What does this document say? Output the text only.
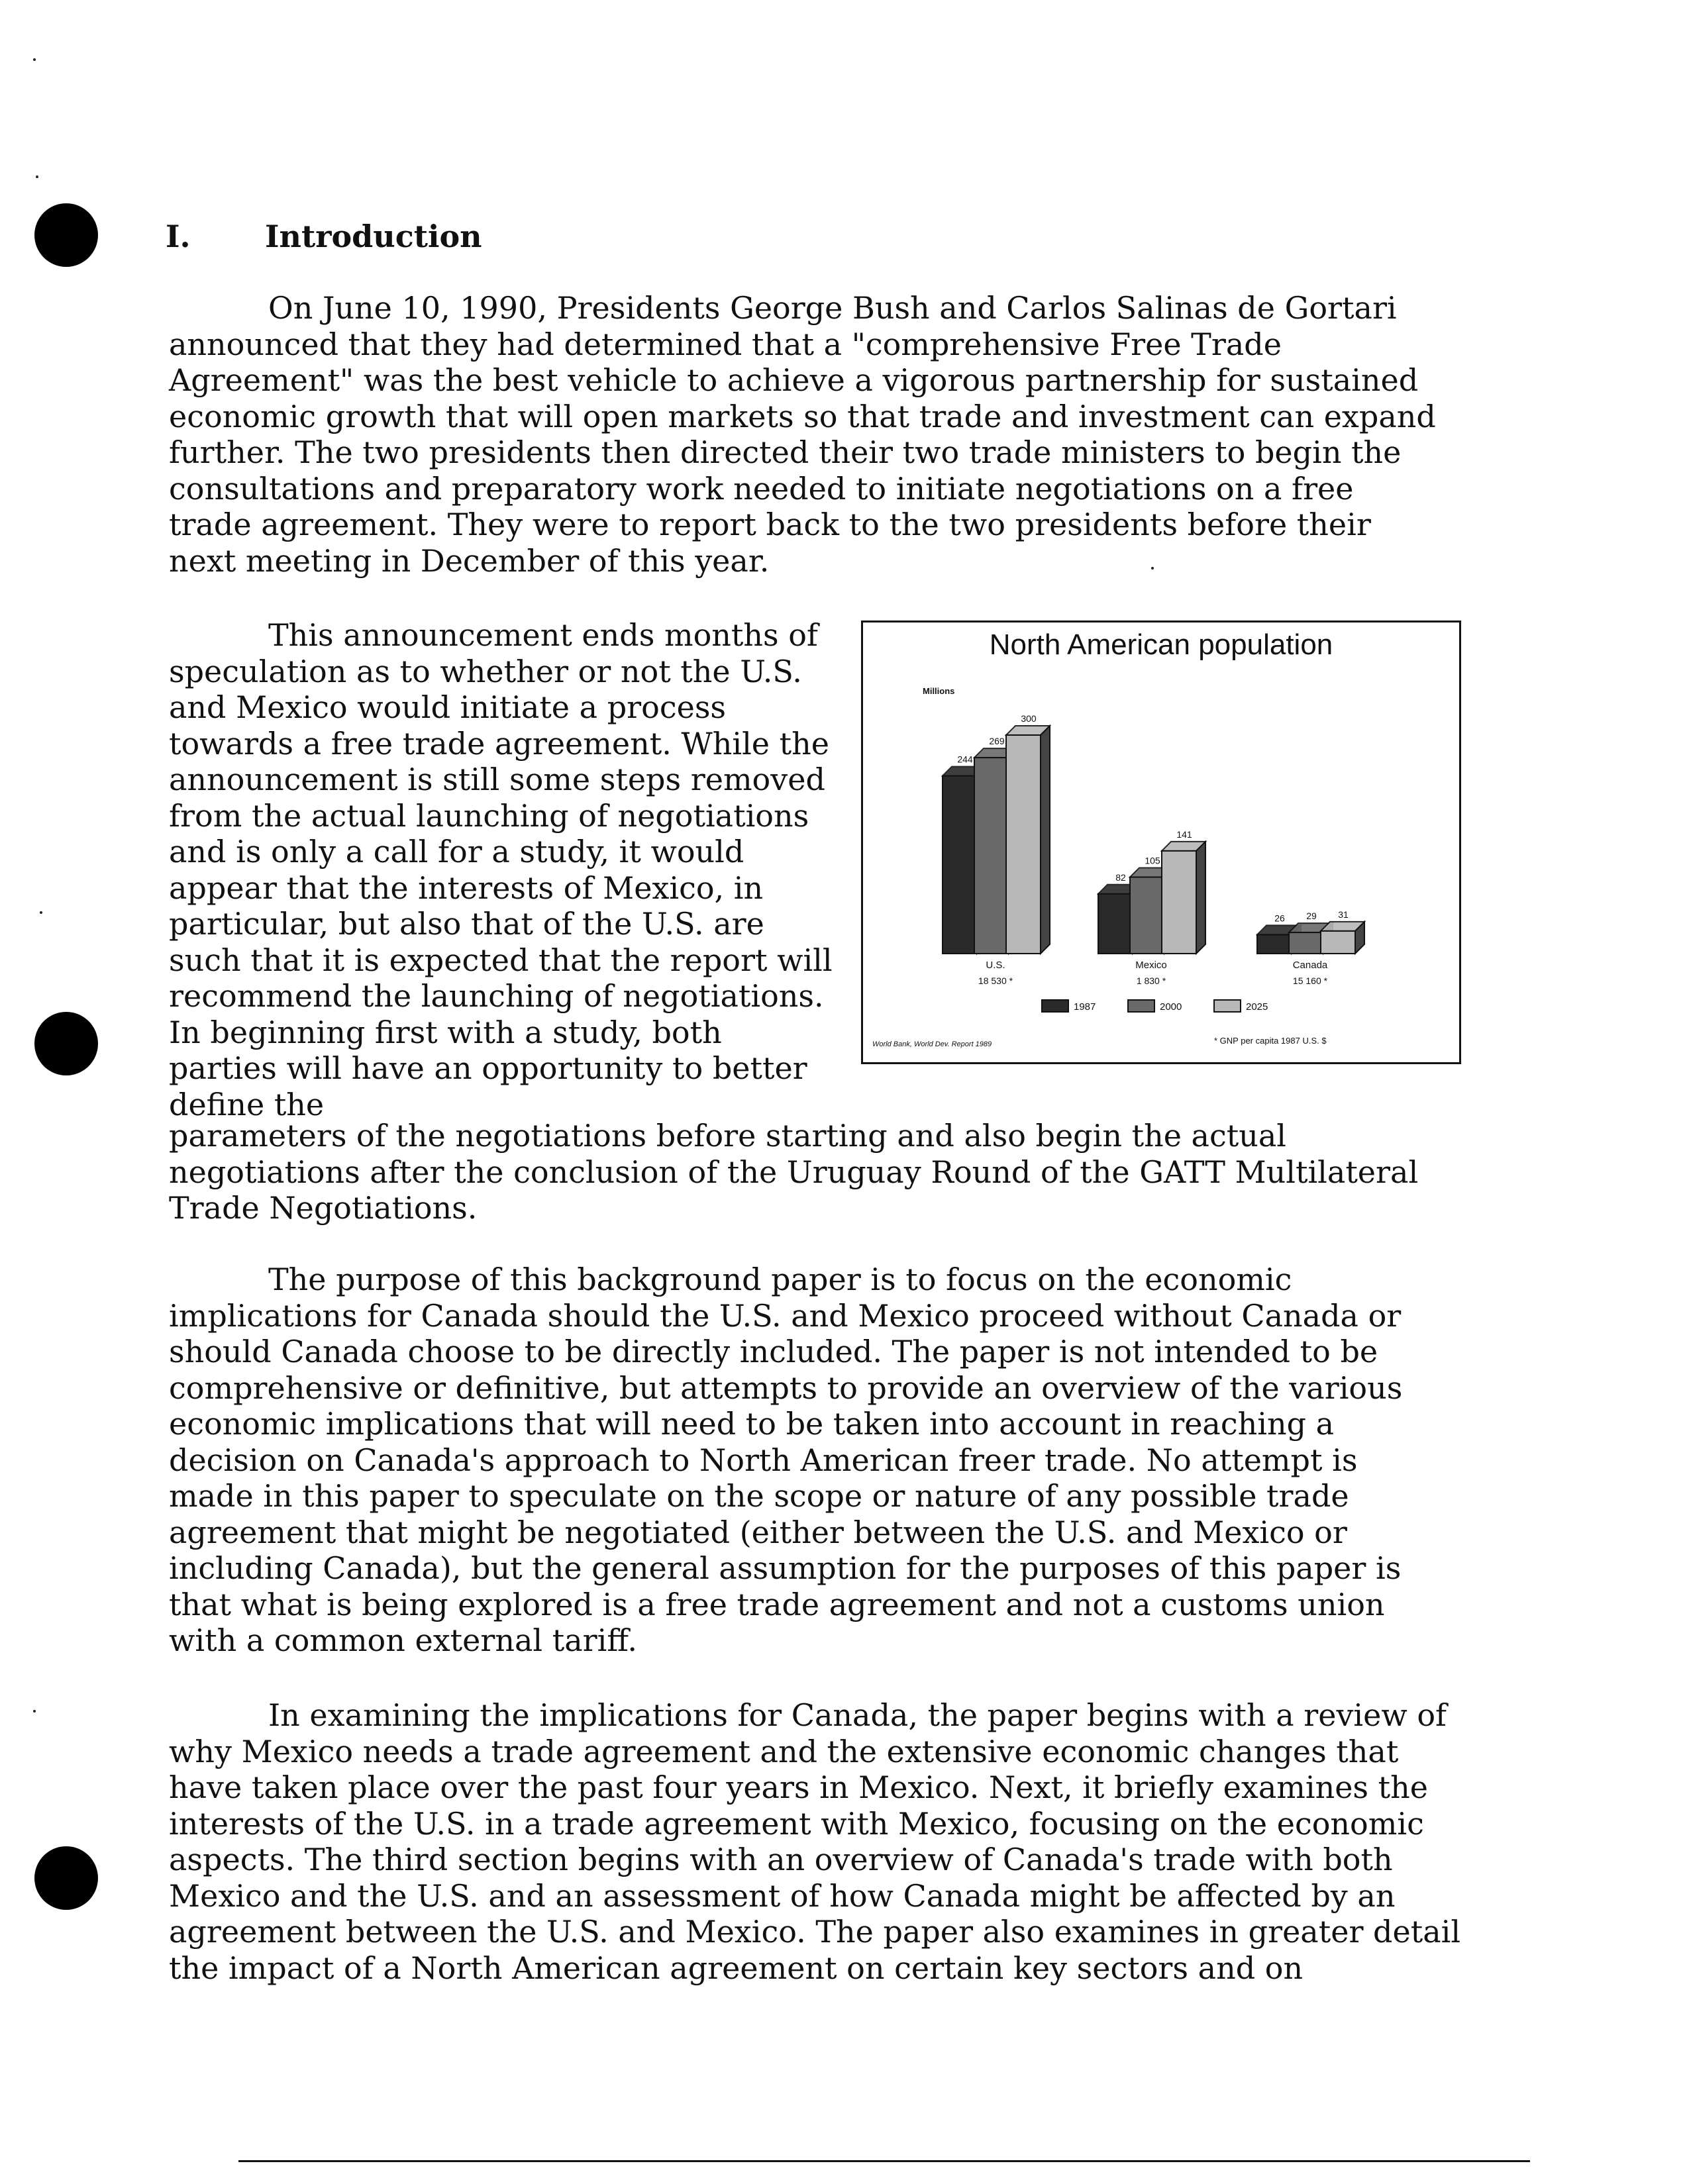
I. Introduction

On June 10, 1990, Presidents George Bush and Carlos Salinas de Gortari announced that they had determined that a "comprehensive Free Trade Agreement" was the best vehicle to achieve a vigorous partnership for sustained economic growth that will open markets so that trade and investment can expand further. The two presidents then directed their two trade ministers to begin the consultations and preparatory work needed to initiate negotiations on a free trade agreement. They were to report back to the two presidents before their next meeting in December of this year.

This announcement ends months of speculation as to whether or not the U.S. and Mexico would initiate a process towards a free trade agreement. While the announcement is still some steps removed from the actual launching of negotiations and is only a call for a study, it would appear that the interests of Mexico, in particular, but also that of the U.S. are such that it is expected that the report will recommend the launching of negotiations. In beginning first with a study, both parties will have an opportunity to better define the

North American population
Millions
244
269
300
U.S.
18 530 *
82
105
141
Mexico
1 830 *
26 29 31
Canada
15 160 *
1987	2000	2025
World Bank, World Dev. Report 1989	* GNP per capita 1987 U.S. $

parameters of the negotiations before starting and also begin the actual negotiations after the conclusion of the Uruguay Round of the GATT Multilateral Trade Negotiations.

The purpose of this background paper is to focus on the economic implications for Canada should the U.S. and Mexico proceed without Canada or should Canada choose to be directly included. The paper is not intended to be comprehensive or definitive, but attempts to provide an overview of the various economic implications that will need to be taken into account in reaching a decision on Canada's approach to North American freer trade. No attempt is made in this paper to speculate on the scope or nature of any possible trade agreement that might be negotiated (either between the U.S. and Mexico or including Canada), but the general assumption for the purposes of this paper is that what is being explored is a free trade agreement and not a customs union with a common external tariff.

In examining the implications for Canada, the paper begins with a review of why Mexico needs a trade agreement and the extensive economic changes that have taken place over the past four years in Mexico. Next, it briefly examines the interests of the U.S. in a trade agreement with Mexico, focusing on the economic aspects. The third section begins with an overview of Canada's trade with both Mexico and the U.S. and an assessment of how Canada might be affected by an agreement between the U.S. and Mexico. The paper also examines in greater detail the impact of a North American agreement on certain key sectors and on
